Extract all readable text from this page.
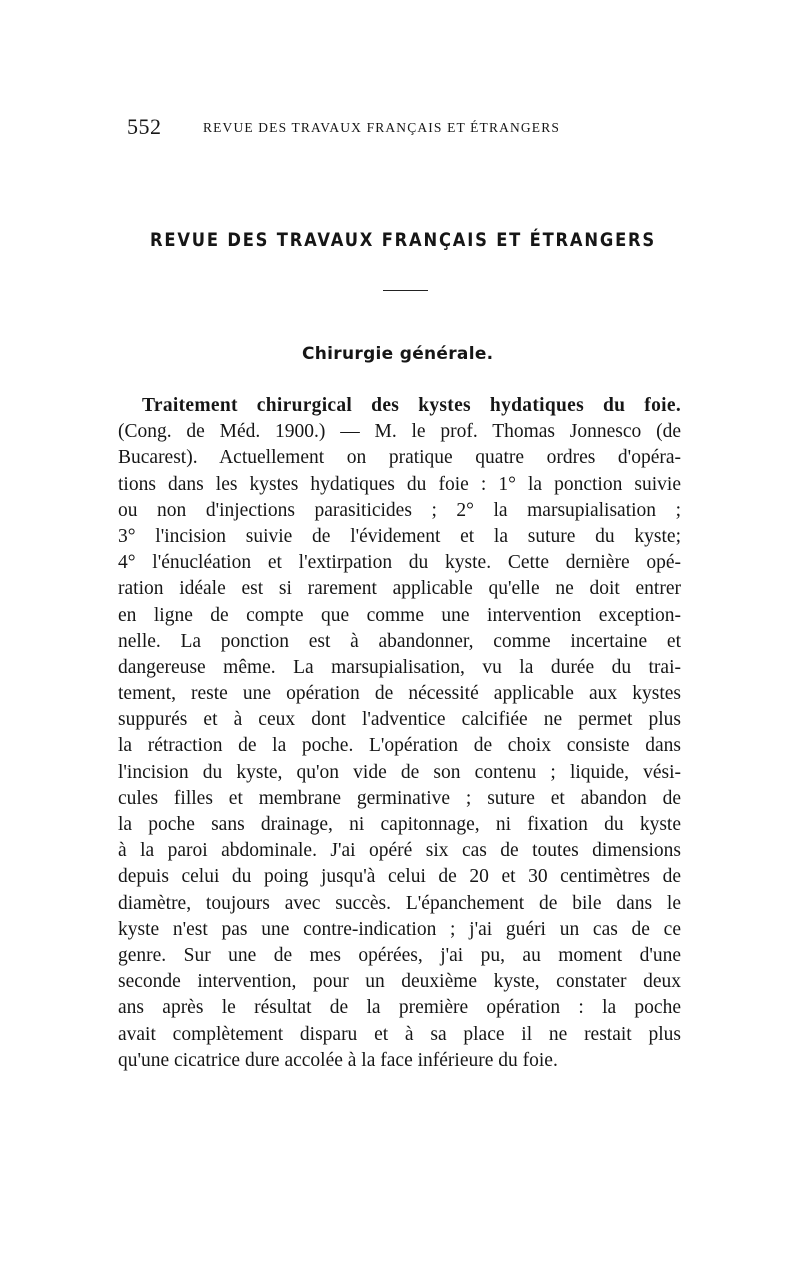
552	REVUE DES TRAVAUX FRANÇAIS ET ÉTRANGERS
REVUE DES TRAVAUX FRANÇAIS ET ÉTRANGERS
Chirurgie générale.
Traitement chirurgical des kystes hydatiques du foie.
(Cong. de Méd. 1900.) — M. le prof. Thomas Jonnesco (de
Bucarest). Actuellement on pratique quatre ordres d'opéra-
tions dans les kystes hydatiques du foie : 1° la ponction suivie
ou non d'injections parasiticides ; 2° la marsupialisation ;
3° l'incision suivie de l'évidement et la suture du kyste;
4° l'énucléation et l'extirpation du kyste. Cette dernière opé-
ration idéale est si rarement applicable qu'elle ne doit entrer
en ligne de compte que comme une intervention exception-
nelle. La ponction est à abandonner, comme incertaine et
dangereuse même. La marsupialisation, vu la durée du trai-
tement, reste une opération de nécessité applicable aux kystes
suppurés et à ceux dont l'adventice calcifiée ne permet plus
la rétraction de la poche. L'opération de choix consiste dans
l'incision du kyste, qu'on vide de son contenu ; liquide, vési-
cules filles et membrane germinative ; suture et abandon de
la poche sans drainage, ni capitonnage, ni fixation du kyste
à la paroi abdominale. J'ai opéré six cas de toutes dimensions
depuis celui du poing jusqu'à celui de 20 et 30 centimètres de
diamètre, toujours avec succès. L'épanchement de bile dans le
kyste n'est pas une contre-indication ; j'ai guéri un cas de ce
genre. Sur une de mes opérées, j'ai pu, au moment d'une
seconde intervention, pour un deuxième kyste, constater deux
ans après le résultat de la première opération : la poche
avait complètement disparu et à sa place il ne restait plus
qu'une cicatrice dure accolée à la face inférieure du foie.
